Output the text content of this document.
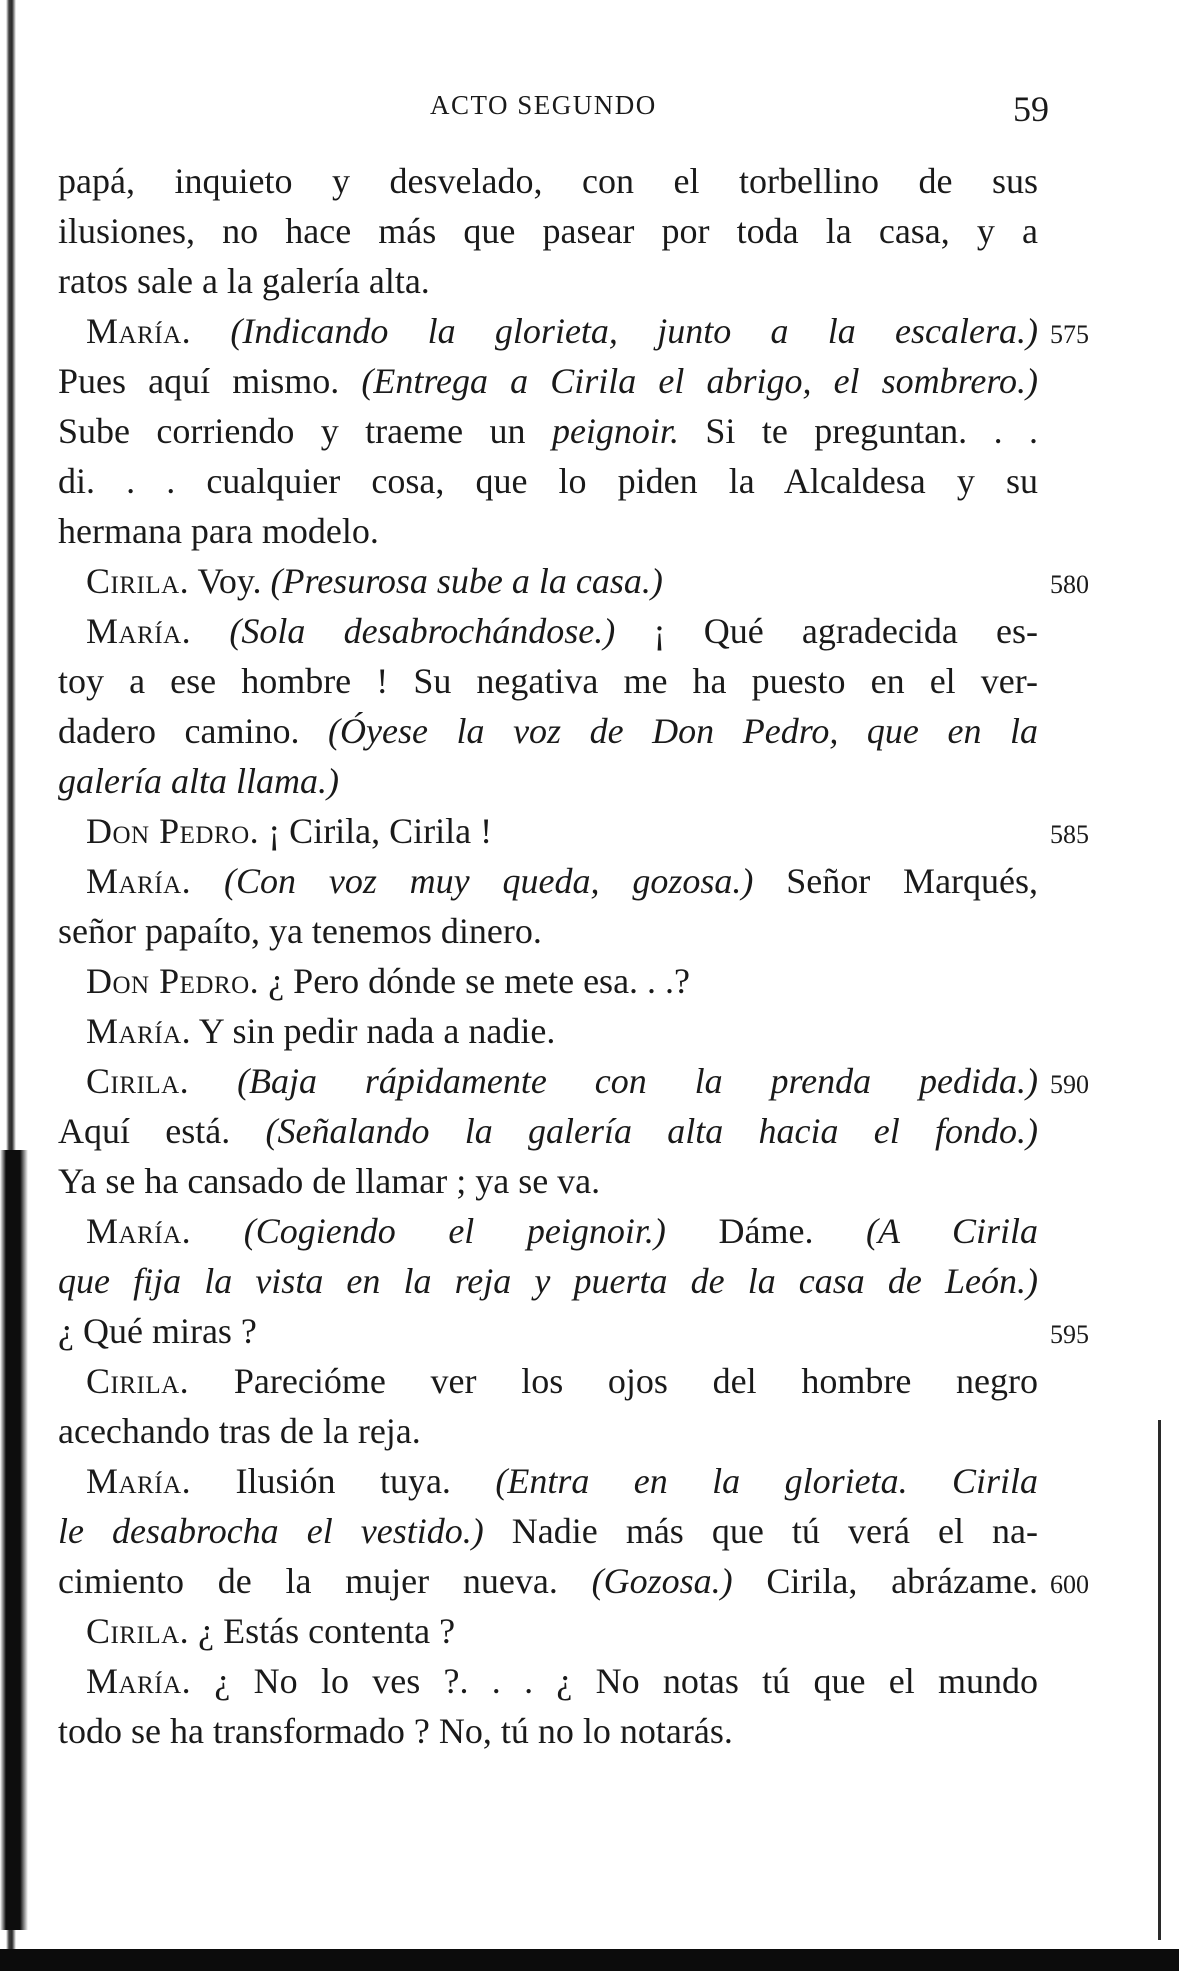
ACTO SEGUNDO	59
papá, inquieto y desvelado, con el torbellino de sus
ilusiones, no hace más que pasear por toda la casa, y a
ratos sale a la galería alta.
María. (Indicando la glorieta, junto a la escalera.) 575
Pues aquí mismo. (Entrega a Cirila el abrigo, el sombrero.)
Sube corriendo y traeme un peignoir. Si te preguntan. . .
di. . . cualquier cosa, que lo piden la Alcaldesa y su
hermana para modelo.
Cirila. Voy. (Presurosa sube a la casa.)	580
María. (Sola desabrochándose.) ¡ Qué agradecida es-
toy a ese hombre ! Su negativa me ha puesto en el ver-
dadero camino. (Óyese la voz de Don Pedro, que en la
galería alta llama.)
Don Pedro. ¡ Cirila, Cirila !	585
María. (Con voz muy queda, gozosa.) Señor Marqués,
señor papaíto, ya tenemos dinero.
Don Pedro. ¿ Pero dónde se mete esa. . .?
María. Y sin pedir nada a nadie.
Cirila. (Baja rápidamente con la prenda pedida.) 590
Aquí está. (Señalando la galería alta hacia el fondo.)
Ya se ha cansado de llamar ; ya se va.
María. (Cogiendo el peignoir.) Dáme. (A Cirila
que fija la vista en la reja y puerta de la casa de León.)
¿ Qué miras ?	595
Cirila. Parecióme ver los ojos del hombre negro
acechando tras de la reja.
María. Ilusión tuya. (Entra en la glorieta. Cirila
le desabrocha el vestido.) Nadie más que tú verá el na-
cimiento de la mujer nueva. (Gozosa.) Cirila, abrázame. 600
Cirila. ¿ Estás contenta ?
María. ¿ No lo ves ?. . . ¿ No notas tú que el mundo
todo se ha transformado ? No, tú no lo notarás.
